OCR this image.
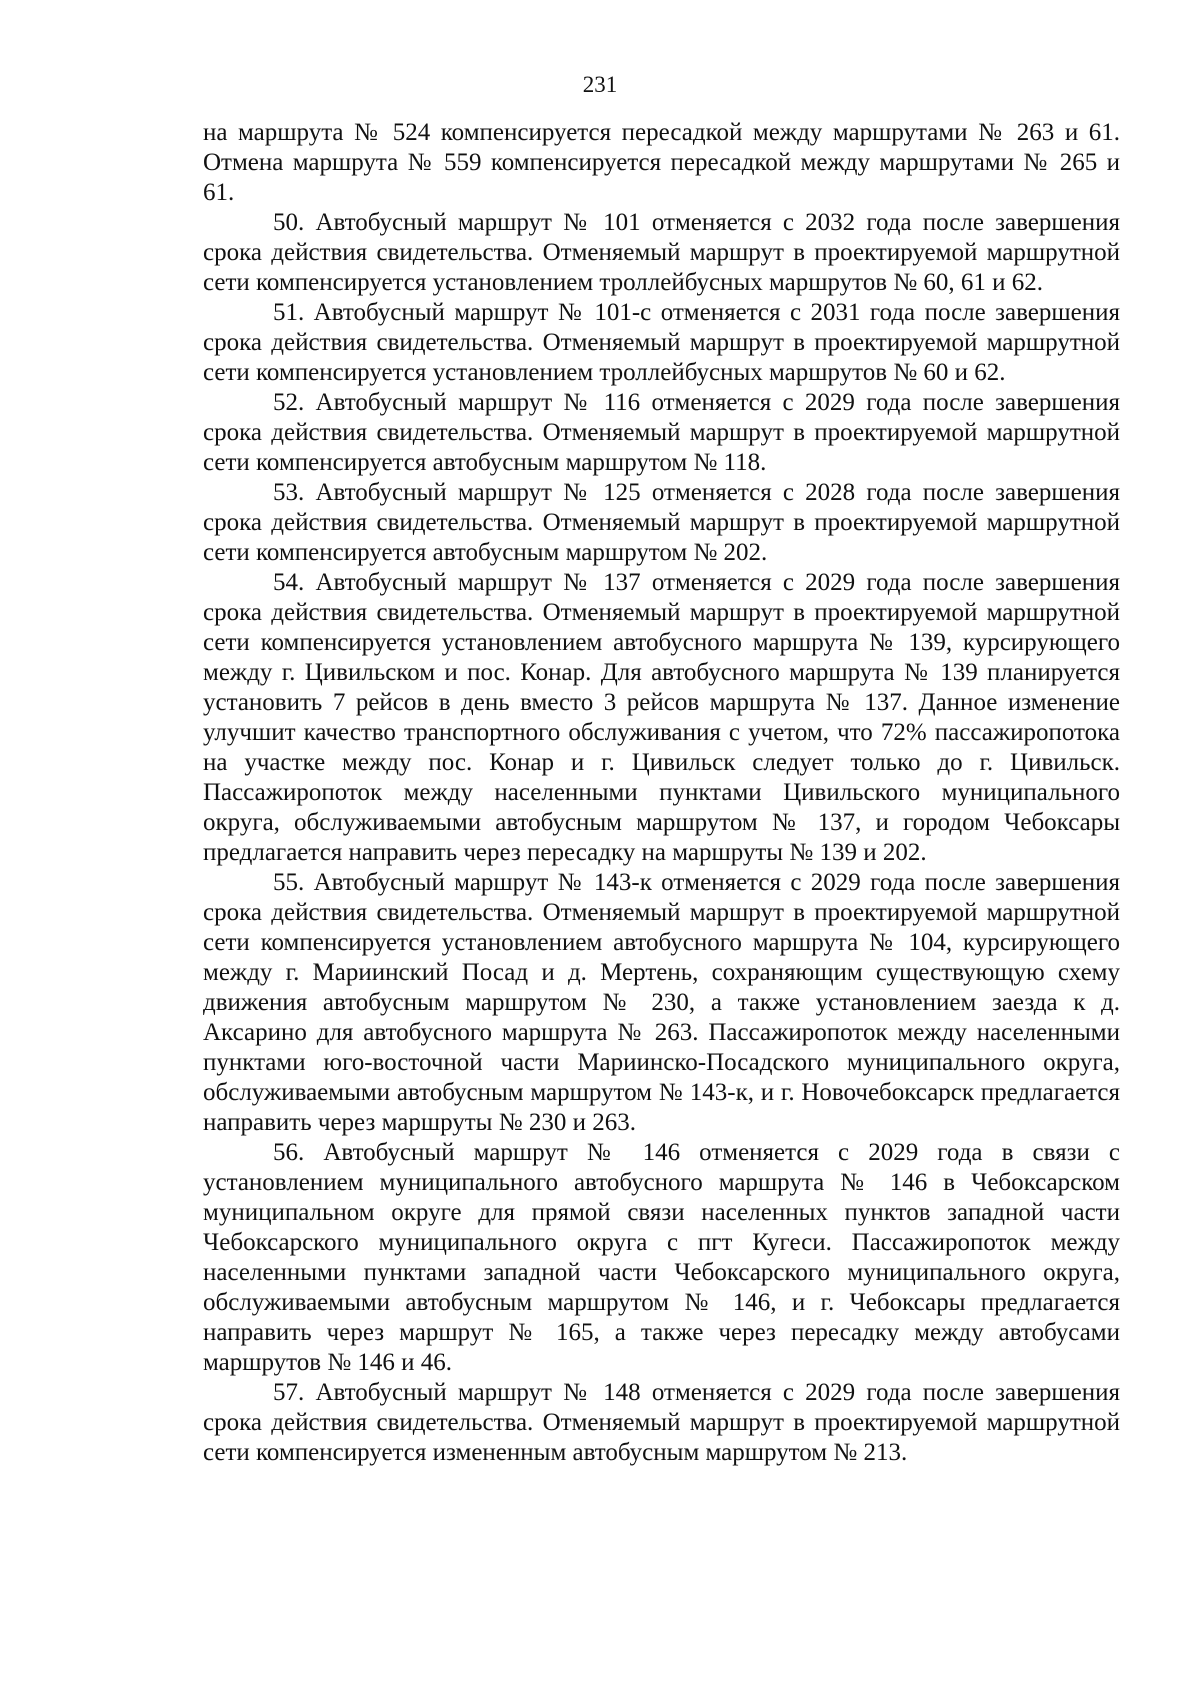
231

на маршрута № 524 компенсируется пересадкой между маршрутами № 263 и 61. Отмена маршрута № 559 компенсируется пересадкой между маршрутами № 265 и 61.

50. Автобусный маршрут № 101 отменяется с 2032 года после завершения срока действия свидетельства. Отменяемый маршрут в проектируемой маршрутной сети компенсируется установлением троллейбусных маршрутов № 60, 61 и 62.

51. Автобусный маршрут № 101-с отменяется с 2031 года после завершения срока действия свидетельства. Отменяемый маршрут в проектируемой маршрутной сети компенсируется установлением троллейбусных маршрутов № 60 и 62.

52. Автобусный маршрут № 116 отменяется с 2029 года после завершения срока действия свидетельства. Отменяемый маршрут в проектируемой маршрутной сети компенсируется автобусным маршрутом № 118.

53. Автобусный маршрут № 125 отменяется с 2028 года после завершения срока действия свидетельства. Отменяемый маршрут в проектируемой маршрутной сети компенсируется автобусным маршрутом № 202.

54. Автобусный маршрут № 137 отменяется с 2029 года после завершения срока действия свидетельства. Отменяемый маршрут в проектируемой маршрутной сети компенсируется установлением автобусного маршрута № 139, курсирующего между г. Цивильском и пос. Конар. Для автобусного маршрута № 139 планируется установить 7 рейсов в день вместо 3 рейсов маршрута № 137. Данное изменение улучшит качество транспортного обслуживания с учетом, что 72% пассажиропотока на участке между пос. Конар и г. Цивильск следует только до г. Цивильск. Пассажиропоток между населенными пунктами Цивильского муниципального округа, обслуживаемыми автобусным маршрутом № 137, и городом Чебоксары предлагается направить через пересадку на маршруты № 139 и 202.

55. Автобусный маршрут № 143-к отменяется с 2029 года после завершения срока действия свидетельства. Отменяемый маршрут в проектируемой маршрутной сети компенсируется установлением автобусного маршрута № 104, курсирующего между г. Мариинский Посад и д. Мертень, сохраняющим существующую схему движения автобусным маршрутом № 230, а также установлением заезда к д. Аксарино для автобусного маршрута № 263. Пассажиропоток между населенными пунктами юго-восточной части Мариинско-Посадского муниципального округа, обслуживаемыми автобусным маршрутом № 143-к, и г. Новочебоксарск предлагается направить через маршруты № 230 и 263.

56. Автобусный маршрут № 146 отменяется с 2029 года в связи с установлением муниципального автобусного маршрута № 146 в Чебоксарском муниципальном округе для прямой связи населенных пунктов западной части Чебоксарского муниципального округа с пгт Кугеси. Пассажиропоток между населенными пунктами западной части Чебоксарского муниципального округа, обслуживаемыми автобусным маршрутом № 146, и г. Чебоксары предлагается направить через маршрут № 165, а также через пересадку между автобусами маршрутов № 146 и 46.

57. Автобусный маршрут № 148 отменяется с 2029 года после завершения срока действия свидетельства. Отменяемый маршрут в проектируемой маршрутной сети компенсируется измененным автобусным маршрутом № 213.
